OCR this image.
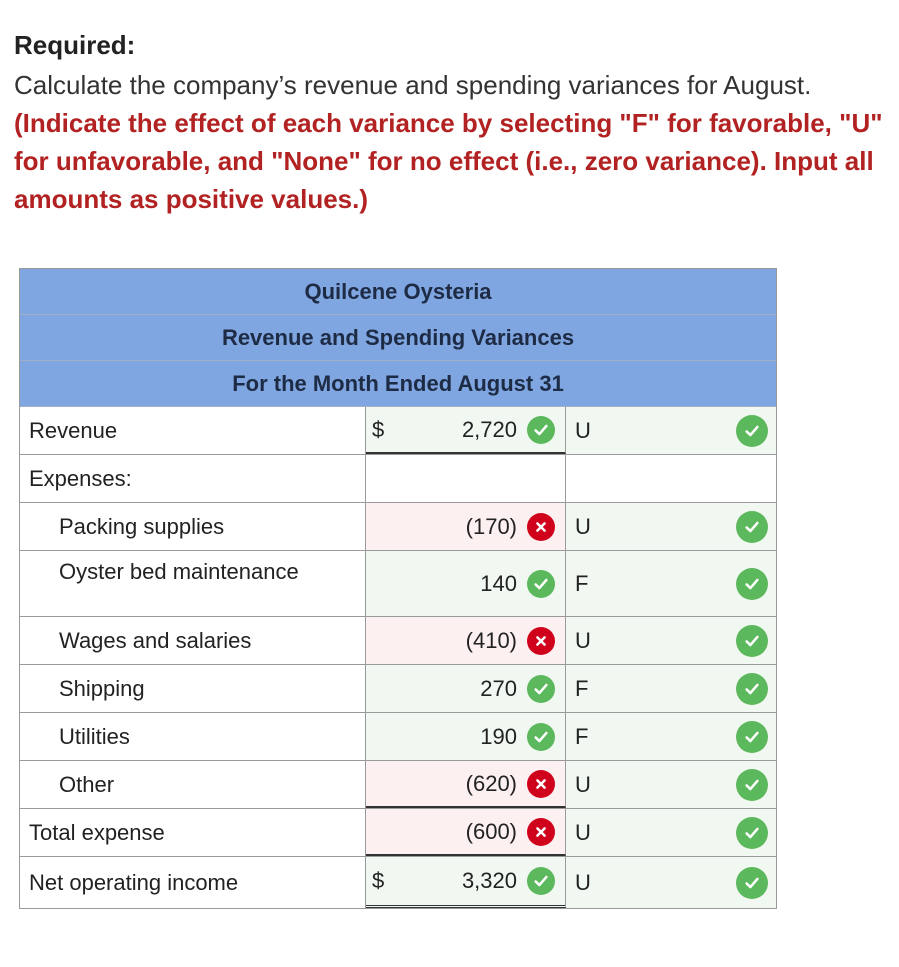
Required:
Calculate the company’s revenue and spending variances for August. (Indicate the effect of each variance by selecting "F" for favorable, "U" for unfavorable, and "None" for no effect (i.e., zero variance). Input all amounts as positive values.)
Quilcene Oysteria
Revenue and Spending Variances
For the Month Ended August 31
Revenue	$	2,720	U
Expenses:
Packing supplies	(170)	U
Oyster bed maintenance	140	F
Wages and salaries	(410)	U
Shipping	270	F
Utilities	190	F
Other	(620)	U
Total expense	(600)	U
Net operating income	$	3,320	U
